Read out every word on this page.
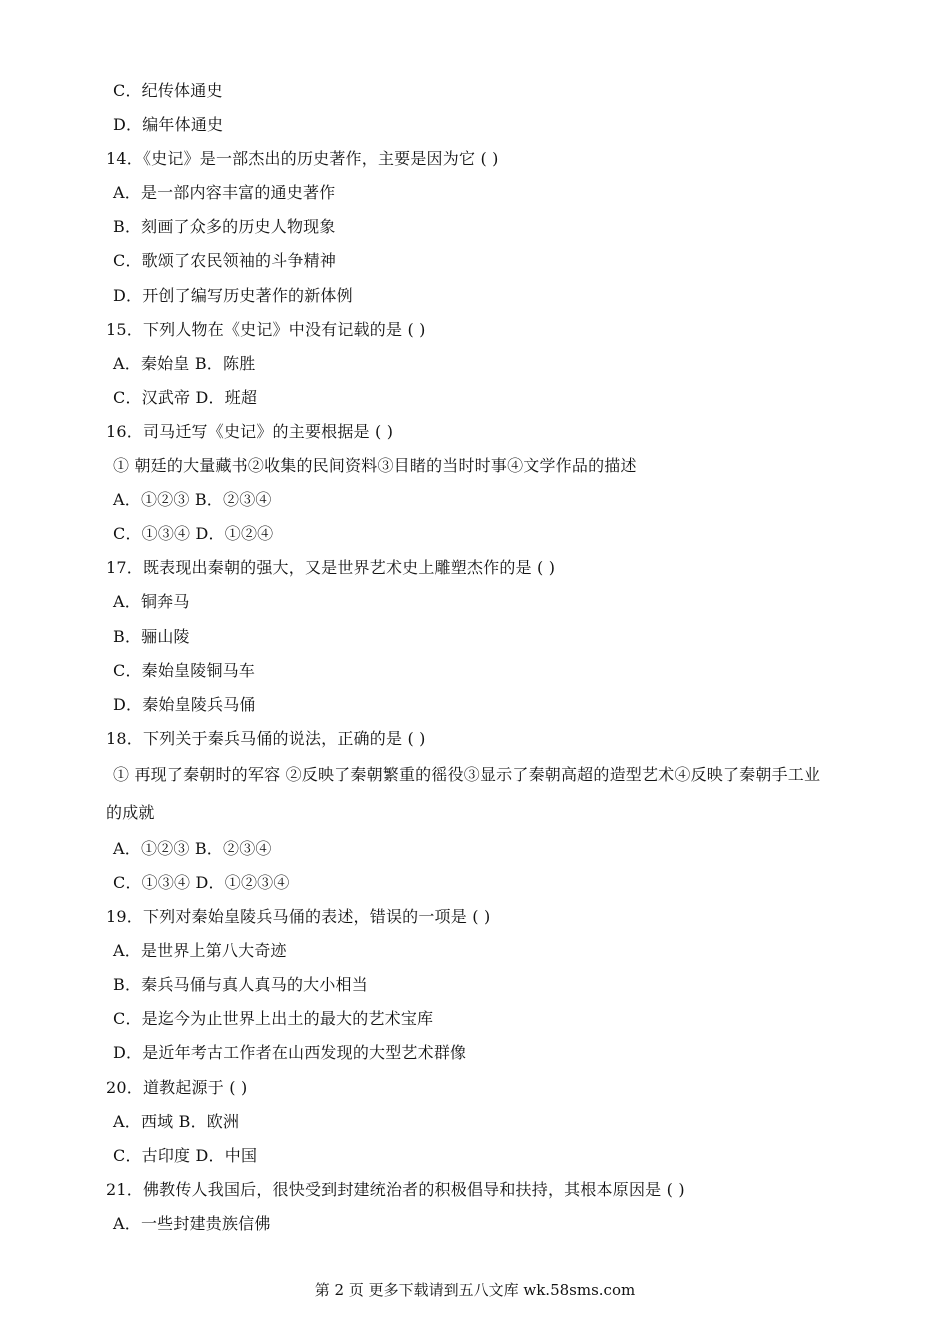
C．纪传体通史
D．编年体通史
14．《史记》是一部杰出的历史著作，主要是因为它 ( )
A．是一部内容丰富的通史著作
B．刻画了众多的历史人物现象
C．歌颂了农民领袖的斗争精神
D．开创了编写历史著作的新体例
15．下列人物在《史记》中没有记载的是 ( )
A．秦始皇 B．陈胜
C．汉武帝 D．班超
16．司马迁写《史记》的主要根据是 ( )
① 朝廷的大量藏书②收集的民间资料③目睹的当时时事④文学作品的描述
A．①②③ B．②③④
C．①③④ D．①②④
17．既表现出秦朝的强大，又是世界艺术史上雕塑杰作的是 ( )
A．铜奔马
B．骊山陵
C．秦始皇陵铜马车
D．秦始皇陵兵马俑
18．下列关于秦兵马俑的说法，正确的是 ( )
① 再现了秦朝时的军容 ②反映了秦朝繁重的徭役③显示了秦朝高超的造型艺术④反映了秦朝手工业
的成就
A．①②③ B．②③④
C．①③④ D．①②③④
19．下列对秦始皇陵兵马俑的表述，错误的一项是 ( )
A．是世界上第八大奇迹
B．秦兵马俑与真人真马的大小相当
C．是迄今为止世界上出土的最大的艺术宝库
D．是近年考古工作者在山西发现的大型艺术群像
20．道教起源于 ( )
A．西域 B．欧洲
C．古印度 D．中国
21．佛教传人我国后，很快受到封建统治者的积极倡导和扶持，其根本原因是 ( )
A．一些封建贵族信佛
第 2 页 更多下载请到五八文库 wk.58sms.com
